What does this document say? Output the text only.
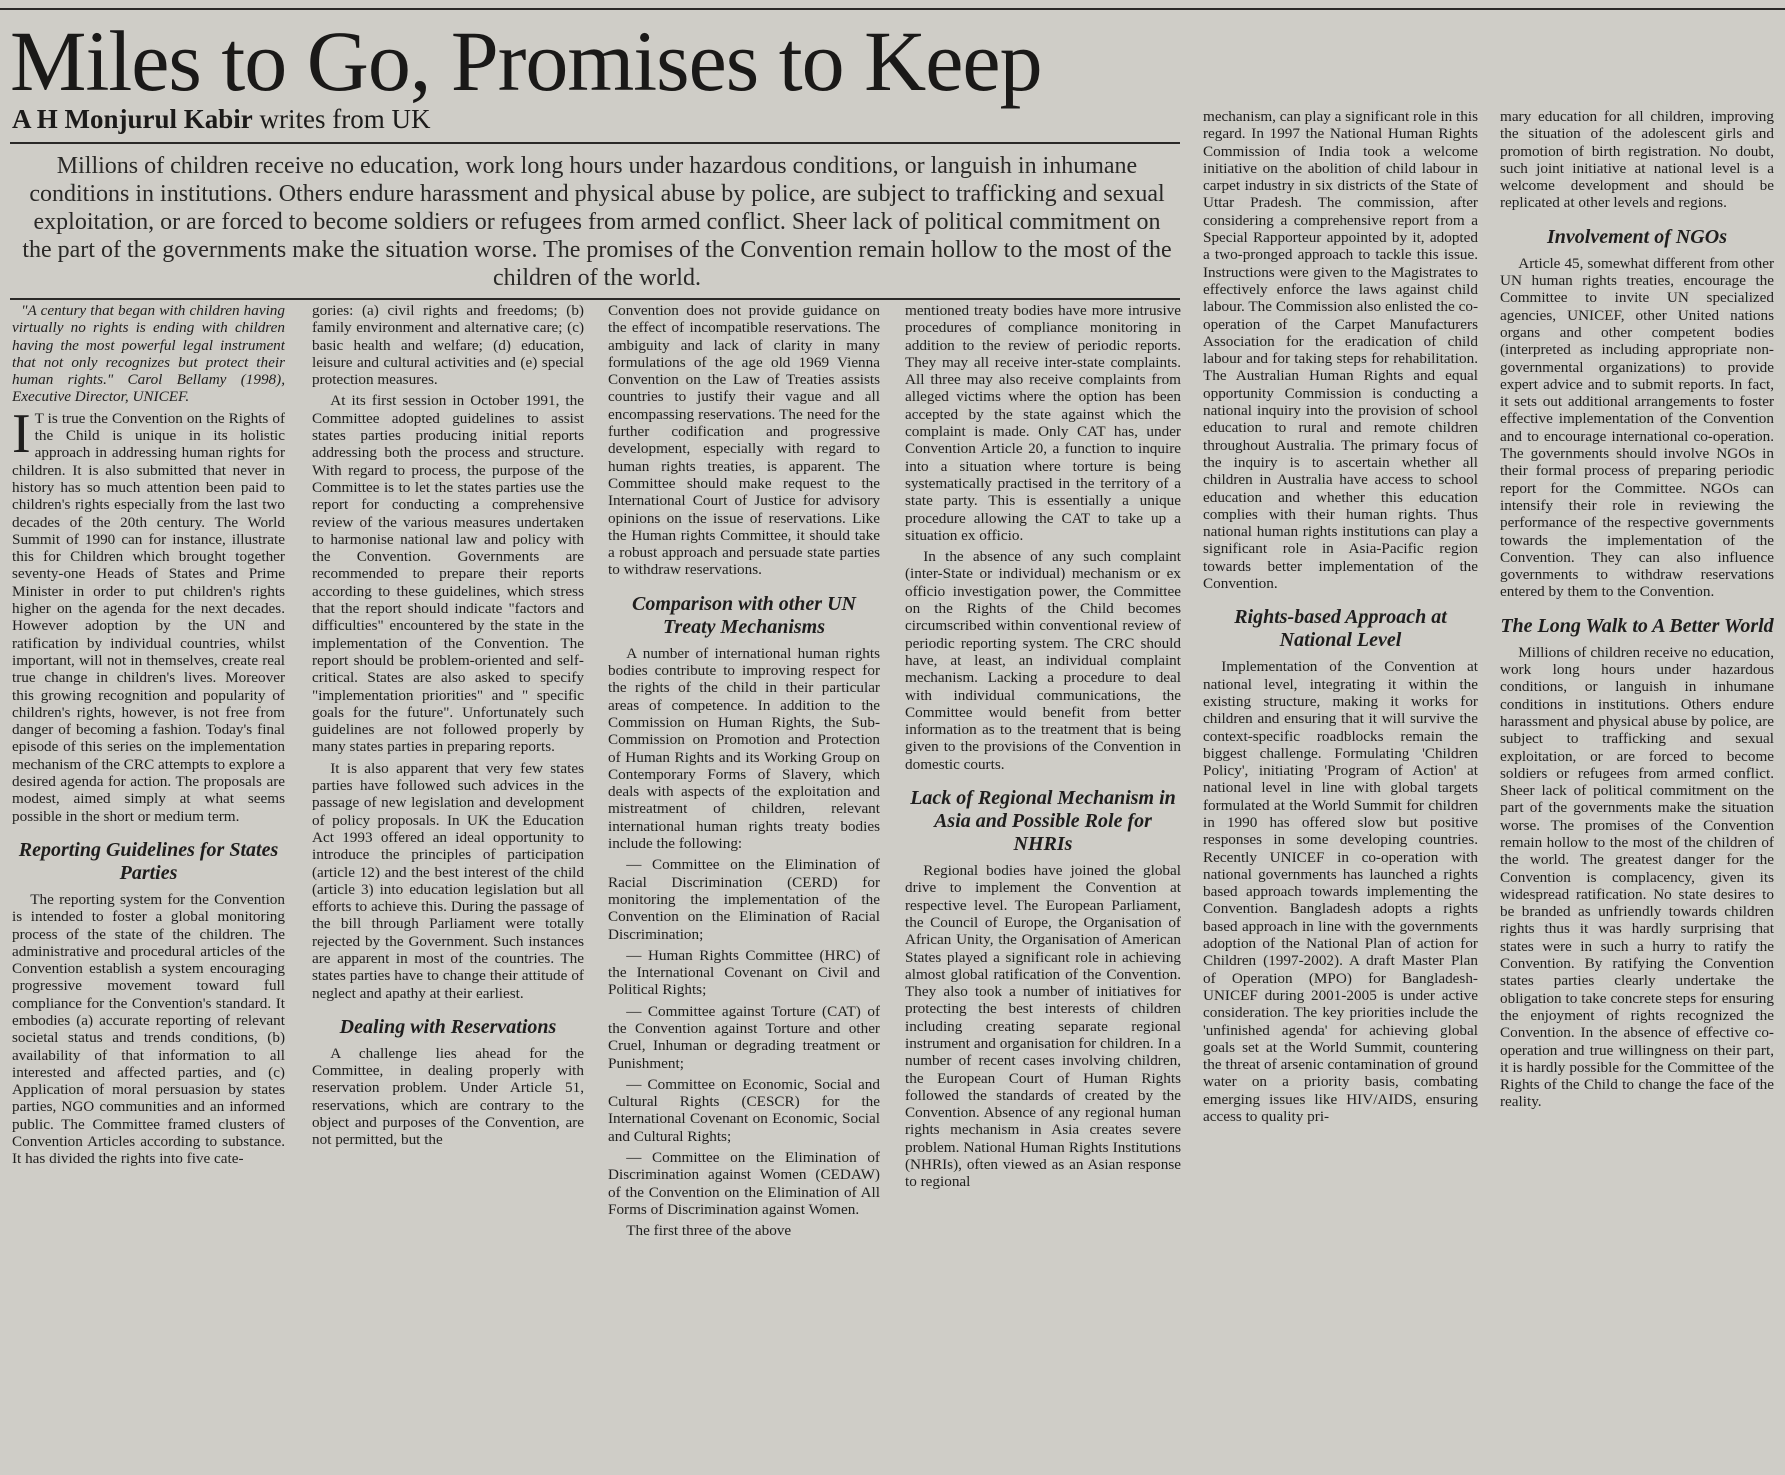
Miles to Go, Promises to Keep
A H Monjurul Kabir writes from UK
Millions of children receive no education, work long hours under hazardous conditions, or languish in inhumane conditions in institutions. Others endure harassment and physical abuse by police, are subject to trafficking and sexual exploitation, or are forced to become soldiers or refugees from armed conflict. Sheer lack of political commitment on the part of the governments make the situation worse. The promises of the Convention remain hollow to the most of the children of the world.

"A century that began with children having virtually no rights is ending with children having the most powerful legal instrument that not only recognizes but protect their human rights." Carol Bellamy (1998), Executive Director, UNICEF.

I T is true the Convention on the Rights of the Child is unique in its holistic approach in addressing human rights for children. It is also submitted that never in history has so much attention been paid to children's rights especially from the last two decades of the 20th century. The World Summit of 1990 can for instance, illustrate this for Children which brought together seventy-one Heads of States and Prime Minister in order to put children's rights higher on the agenda for the next decades. However adoption by the UN and ratification by individual countries, whilst important, will not in themselves, create real true change in children's lives. Moreover this growing recognition and popularity of children's rights, however, is not free from danger of becoming a fashion. Today's final episode of this series on the implementation mechanism of the CRC attempts to explore a desired agenda for action. The proposals are modest, aimed simply at what seems possible in the short or medium term.

Reporting Guidelines for States Parties

The reporting system for the Convention is intended to foster a global monitoring process of the state of the children. The administrative and procedural articles of the Convention establish a system encouraging progressive movement toward full compliance for the Convention's standard. It embodies (a) accurate reporting of relevant societal status and trends conditions, (b) availability of that information to all interested and affected parties, and (c) Application of moral persuasion by states parties, NGO communities and an informed public. The Committee framed clusters of Convention Articles according to substance. It has divided the rights into five cate-

gories: (a) civil rights and freedoms; (b) family environment and alternative care; (c) basic health and welfare; (d) education, leisure and cultural activities and (e) special protection measures.

At its first session in October 1991, the Committee adopted guidelines to assist states parties producing initial reports addressing both the process and structure. With regard to process, the purpose of the Committee is to let the states parties use the report for conducting a comprehensive review of the various measures undertaken to harmonise national law and policy with the Convention. Governments are recommended to prepare their reports according to these guidelines, which stress that the report should indicate "factors and difficulties" encountered by the state in the implementation of the Convention. The report should be problem-oriented and self-critical. States are also asked to specify "implementation priorities" and " specific goals for the future". Unfortunately such guidelines are not followed properly by many states parties in preparing reports.

It is also apparent that very few states parties have followed such advices in the passage of new legislation and development of policy proposals. In UK the Education Act 1993 offered an ideal opportunity to introduce the principles of participation (article 12) and the best interest of the child (article 3) into education legislation but all efforts to achieve this. During the passage of the bill through Parliament were totally rejected by the Government. Such instances are apparent in most of the countries. The states parties have to change their attitude of neglect and apathy at their earliest.

Dealing with Reservations

A challenge lies ahead for the Committee, in dealing properly with reservation problem. Under Article 51, reservations, which are contrary to the object and purposes of the Convention, are not permitted, but the

Convention does not provide guidance on the effect of incompatible reservations. The ambiguity and lack of clarity in many formulations of the age old 1969 Vienna Convention on the Law of Treaties assists countries to justify their vague and all encompassing reservations. The need for the further codification and progressive development, especially with regard to human rights treaties, is apparent. The Committee should make request to the International Court of Justice for advisory opinions on the issue of reservations. Like the Human rights Committee, it should take a robust approach and persuade state parties to withdraw reservations.

Comparison with other UN Treaty Mechanisms

A number of international human rights bodies contribute to improving respect for the rights of the child in their particular areas of competence. In addition to the Commission on Human Rights, the Sub-Commission on Promotion and Protection of Human Rights and its Working Group on Contemporary Forms of Slavery, which deals with aspects of the exploitation and mistreatment of children, relevant international human rights treaty bodies include the following:

— Committee on the Elimination of Racial Discrimination (CERD) for monitoring the implementation of the Convention on the Elimination of Racial Discrimination;

— Human Rights Committee (HRC) of the International Covenant on Civil and Political Rights;

— Committee against Torture (CAT) of the Convention against Torture and other Cruel, Inhuman or degrading treatment or Punishment;

— Committee on Economic, Social and Cultural Rights (CESCR) for the International Covenant on Economic, Social and Cultural Rights;

— Committee on the Elimination of Discrimination against Women (CEDAW) of the Convention on the Elimination of All Forms of Discrimination against Women.

The first three of the above

mentioned treaty bodies have more intrusive procedures of compliance monitoring in addition to the review of periodic reports. They may all receive inter-state complaints. All three may also receive complaints from alleged victims where the option has been accepted by the state against which the complaint is made. Only CAT has, under Convention Article 20, a function to inquire into a situation where torture is being systematically practised in the territory of a state party. This is essentially a unique procedure allowing the CAT to take up a situation ex officio.

In the absence of any such complaint (inter-State or individual) mechanism or ex officio investigation power, the Committee on the Rights of the Child becomes circumscribed within conventional review of periodic reporting system. The CRC should have, at least, an individual complaint mechanism. Lacking a procedure to deal with individual communications, the Committee would benefit from better information as to the treatment that is being given to the provisions of the Convention in domestic courts.

Lack of Regional Mechanism in Asia and Possible Role for NHRIs

Regional bodies have joined the global drive to implement the Convention at respective level. The European Parliament, the Council of Europe, the Organisation of African Unity, the Organisation of American States played a significant role in achieving almost global ratification of the Convention. They also took a number of initiatives for protecting the best interests of children including creating separate regional instrument and organisation for children. In a number of recent cases involving children, the European Court of Human Rights followed the standards of created by the Convention. Absence of any regional human rights mechanism in Asia creates severe problem. National Human Rights Institutions (NHRIs), often viewed as an Asian response to regional

mechanism, can play a significant role in this regard. In 1997 the National Human Rights Commission of India took a welcome initiative on the abolition of child labour in carpet industry in six districts of the State of Uttar Pradesh. The commission, after considering a comprehensive report from a Special Rapporteur appointed by it, adopted a two-pronged approach to tackle this issue. Instructions were given to the Magistrates to effectively enforce the laws against child labour. The Commission also enlisted the co-operation of the Carpet Manufacturers Association for the eradication of child labour and for taking steps for rehabilitation. The Australian Human Rights and equal opportunity Commission is conducting a national inquiry into the provision of school education to rural and remote children throughout Australia. The primary focus of the inquiry is to ascertain whether all children in Australia have access to school education and whether this education complies with their human rights. Thus national human rights institutions can play a significant role in Asia-Pacific region towards better implementation of the Convention.

Rights-based Approach at National Level

Implementation of the Convention at national level, integrating it within the existing structure, making it works for children and ensuring that it will survive the context-specific roadblocks remain the biggest challenge. Formulating 'Children Policy', initiating 'Program of Action' at national level in line with global targets formulated at the World Summit for children in 1990 has offered slow but positive responses in some developing countries. Recently UNICEF in co-operation with national governments has launched a rights based approach towards implementing the Convention. Bangladesh adopts a rights based approach in line with the governments adoption of the National Plan of action for Children (1997-2002). A draft Master Plan of Operation (MPO) for Bangladesh-UNICEF during 2001-2005 is under active consideration. The key priorities include the 'unfinished agenda' for achieving global goals set at the World Summit, countering the threat of arsenic contamination of ground water on a priority basis, combating emerging issues like HIV/AIDS, ensuring access to quality pri-

mary education for all children, improving the situation of the adolescent girls and promotion of birth registration. No doubt, such joint initiative at national level is a welcome development and should be replicated at other levels and regions.

Involvement of NGOs

Article 45, somewhat different from other UN human rights treaties, encourage the Committee to invite UN specialized agencies, UNICEF, other United nations organs and other competent bodies (interpreted as including appropriate non-governmental organizations) to provide expert advice and to submit reports. In fact, it sets out additional arrangements to foster effective implementation of the Convention and to encourage international co-operation. The governments should involve NGOs in their formal process of preparing periodic report for the Committee. NGOs can intensify their role in reviewing the performance of the respective governments towards the implementation of the Convention. They can also influence governments to withdraw reservations entered by them to the Convention.

The Long Walk to A Better World

Millions of children receive no education, work long hours under hazardous conditions, or languish in inhumane conditions in institutions. Others endure harassment and physical abuse by police, are subject to trafficking and sexual exploitation, or are forced to become soldiers or refugees from armed conflict. Sheer lack of political commitment on the part of the governments make the situation worse. The promises of the Convention remain hollow to the most of the children of the world. The greatest danger for the Convention is complacency, given its widespread ratification. No state desires to be branded as unfriendly towards children rights thus it was hardly surprising that states were in such a hurry to ratify the Convention. By ratifying the Convention states parties clearly undertake the obligation to take concrete steps for ensuring the enjoyment of rights recognized the Convention. In the absence of effective co-operation and true willingness on their part, it is hardly possible for the Committee of the Rights of the Child to change the face of the reality.
